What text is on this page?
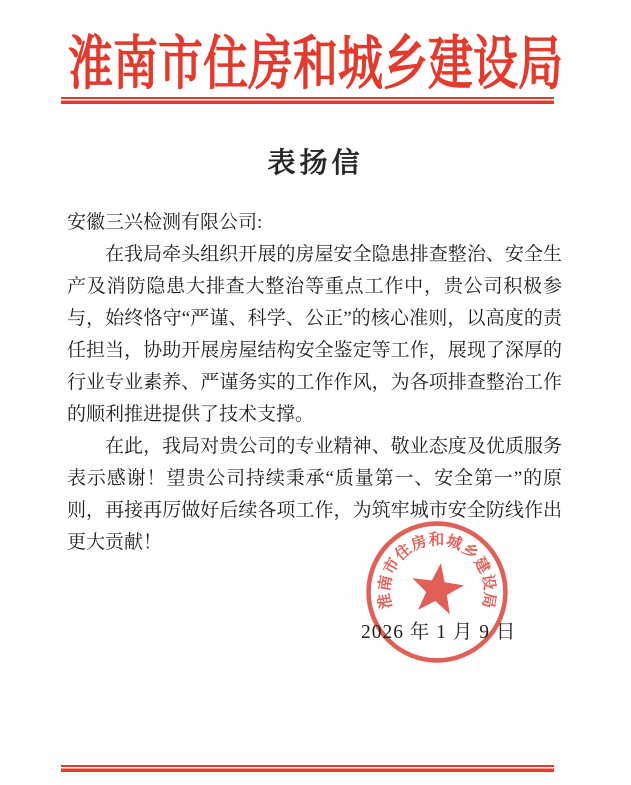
淮南市住房和城乡建设局
表扬信

安徽三兴检测有限公司:

在我局牵头组织开展的房屋安全隐患排查整治、安全生产及消防隐患大排查大整治等重点工作中，贵公司积极参与，始终恪守“严谨、科学、公正”的核心准则，以高度的责任担当，协助开展房屋结构安全鉴定等工作，展现了深厚的行业专业素养、严谨务实的工作作风，为各项排查整治工作的顺利推进提供了技术支撑。

在此，我局对贵公司的专业精神、敬业态度及优质服务表示感谢！望贵公司持续秉承“质量第一、安全第一”的原则，再接再厉做好后续各项工作，为筑牢城市安全防线作出更大贡献！

淮南市住房和城乡建设局
2026 年 1 月 9 日
